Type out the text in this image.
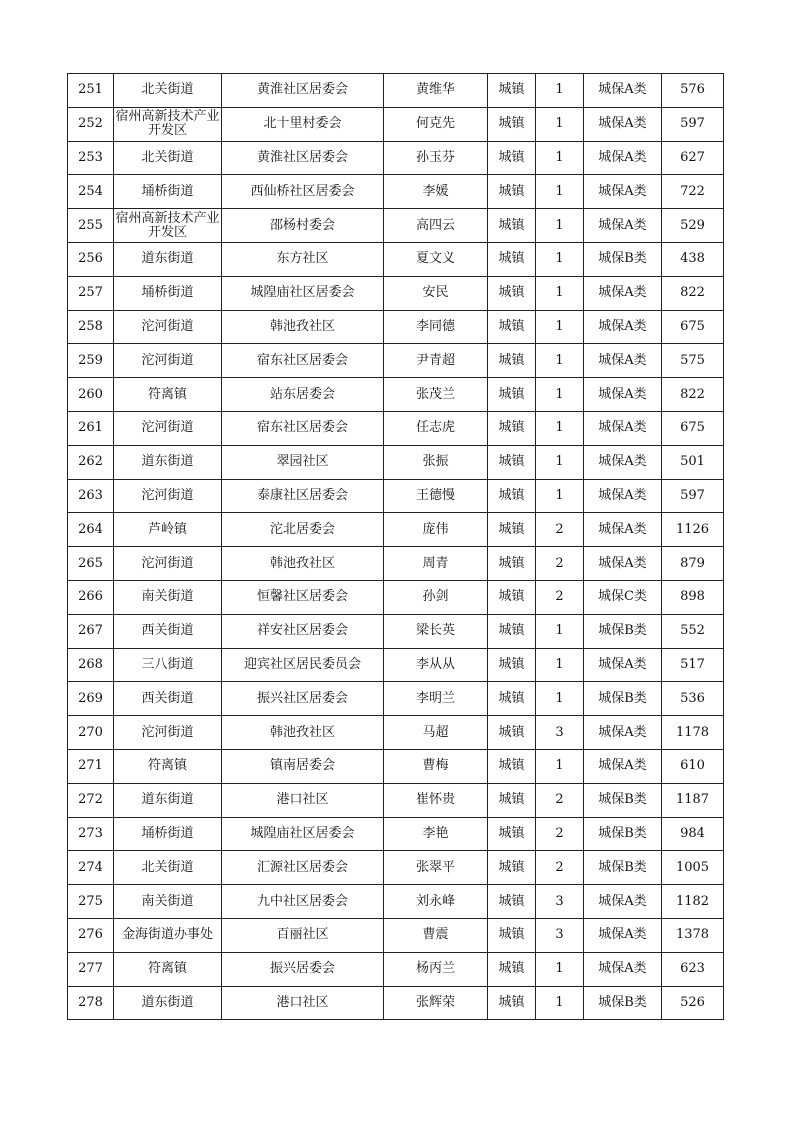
251	北关街道	黄淮社区居委会	黄维华	城镇	1	城保A类	576
252	宿州高新技术产业开发区	北十里村委会	何克先	城镇	1	城保A类	597
253	北关街道	黄淮社区居委会	孙玉芬	城镇	1	城保A类	627
254	埇桥街道	西仙桥社区居委会	李媛	城镇	1	城保A类	722
255	宿州高新技术产业开发区	邵杨村委会	高四云	城镇	1	城保A类	529
256	道东街道	东方社区	夏文义	城镇	1	城保B类	438
257	埇桥街道	城隍庙社区居委会	安民	城镇	1	城保A类	822
258	沱河街道	韩池孜社区	李同德	城镇	1	城保A类	675
259	沱河街道	宿东社区居委会	尹青超	城镇	1	城保A类	575
260	符离镇	站东居委会	张茂兰	城镇	1	城保A类	822
261	沱河街道	宿东社区居委会	任志虎	城镇	1	城保A类	675
262	道东街道	翠园社区	张振	城镇	1	城保A类	501
263	沱河街道	泰康社区居委会	王德慢	城镇	1	城保A类	597
264	芦岭镇	沱北居委会	庞伟	城镇	2	城保A类	1126
265	沱河街道	韩池孜社区	周青	城镇	2	城保A类	879
266	南关街道	恒馨社区居委会	孙剑	城镇	2	城保C类	898
267	西关街道	祥安社区居委会	梁长英	城镇	1	城保B类	552
268	三八街道	迎宾社区居民委员会	李从从	城镇	1	城保A类	517
269	西关街道	振兴社区居委会	李明兰	城镇	1	城保B类	536
270	沱河街道	韩池孜社区	马超	城镇	3	城保A类	1178
271	符离镇	镇南居委会	曹梅	城镇	1	城保A类	610
272	道东街道	港口社区	崔怀贵	城镇	2	城保B类	1187
273	埇桥街道	城隍庙社区居委会	李艳	城镇	2	城保B类	984
274	北关街道	汇源社区居委会	张翠平	城镇	2	城保B类	1005
275	南关街道	九中社区居委会	刘永峰	城镇	3	城保A类	1182
276	金海街道办事处	百丽社区	曹震	城镇	3	城保A类	1378
277	符离镇	振兴居委会	杨丙兰	城镇	1	城保A类	623
278	道东街道	港口社区	张辉荣	城镇	1	城保B类	526
